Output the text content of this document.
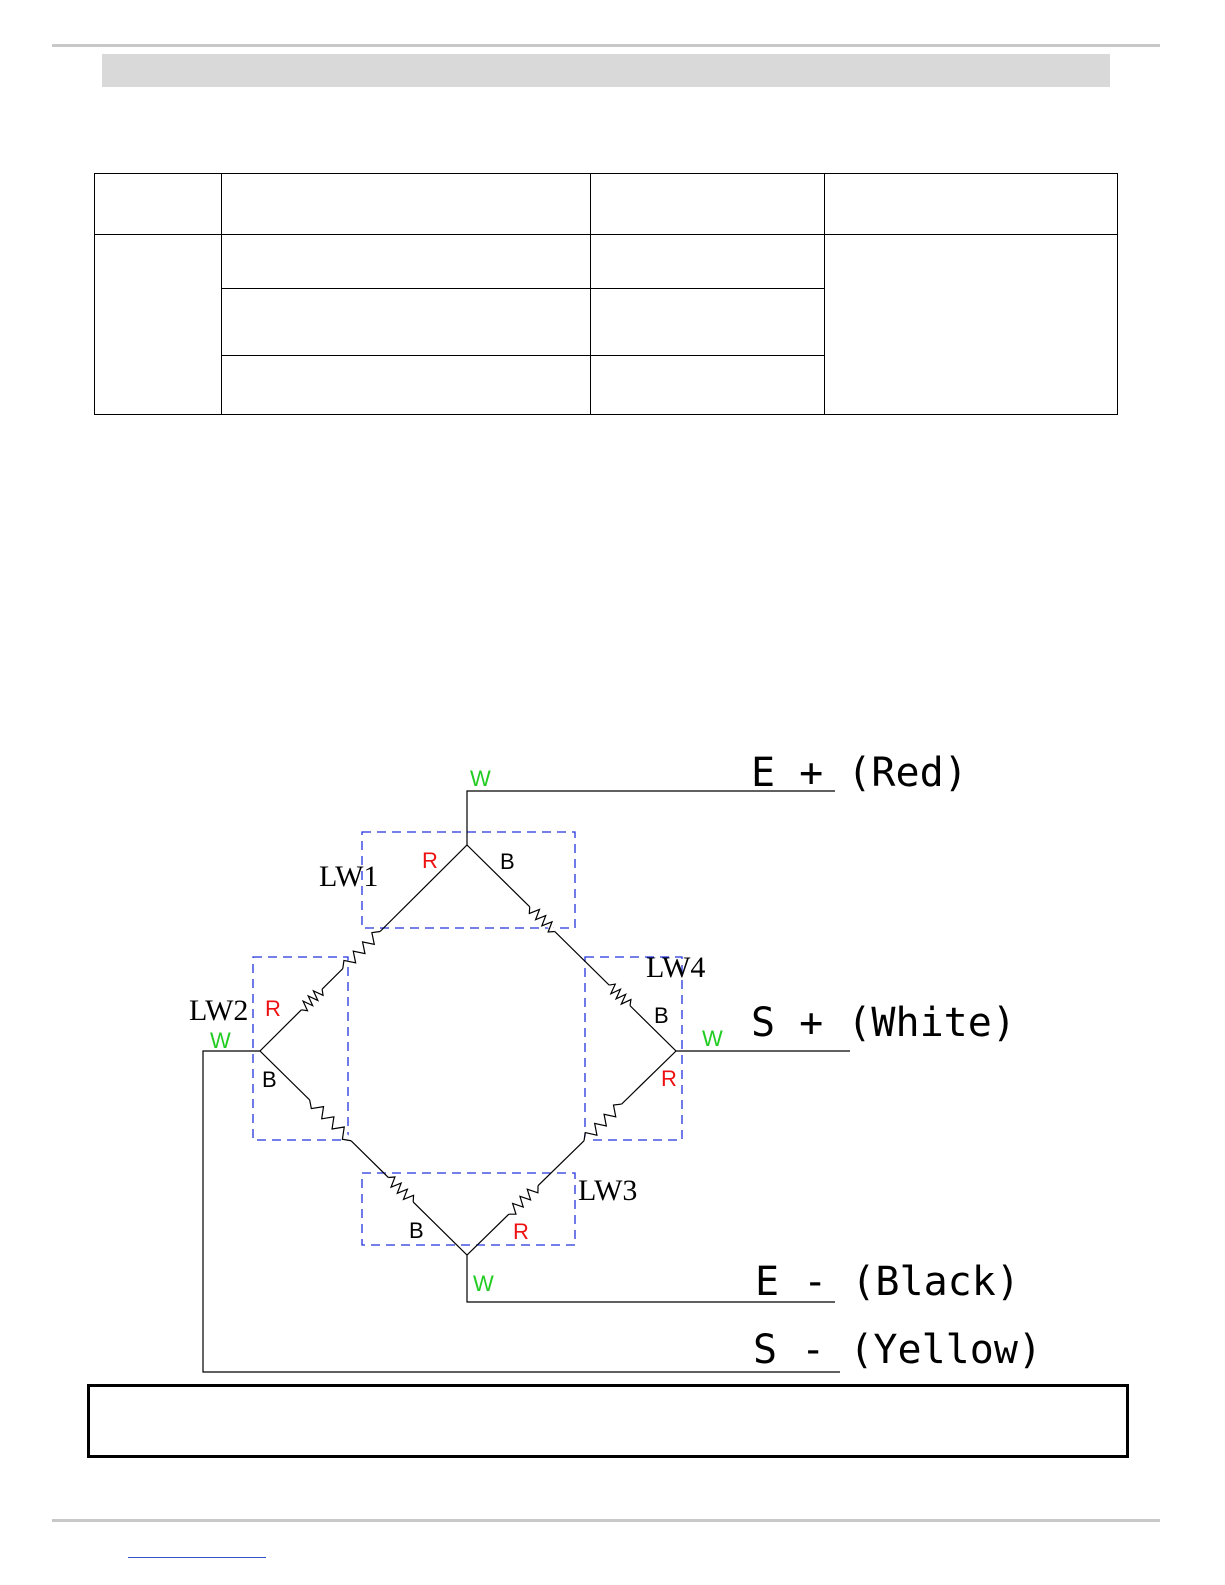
W
W	W
W
R	B
R
B
B	R
B
R
LW1
LW2
LW3
LW4
E + (Red)
S + (White)
E - (Black)
S - (Yellow)
